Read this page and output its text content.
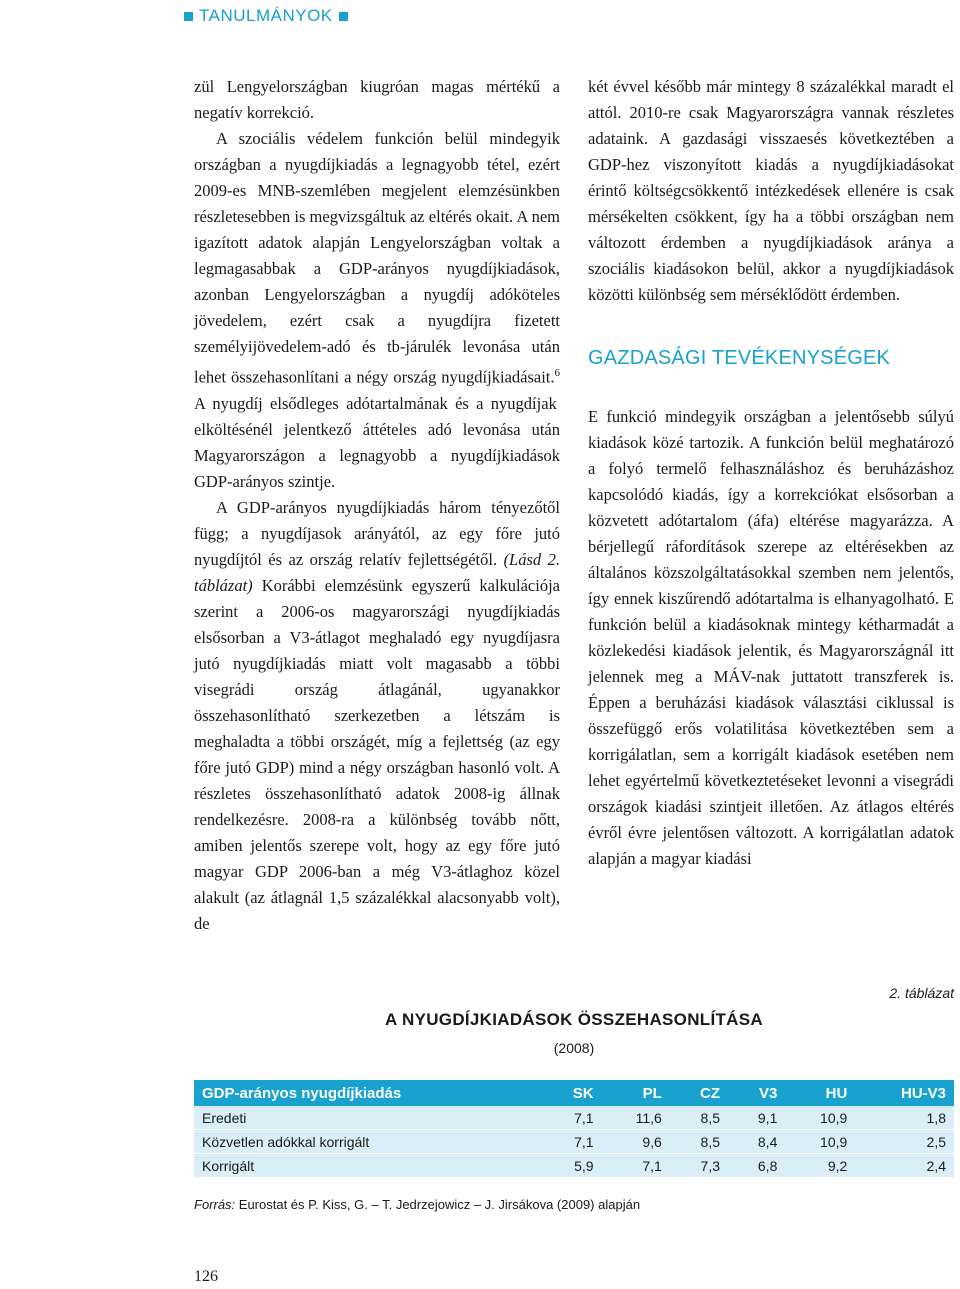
TANULMÁNYOK

zül Lengyelországban kiugróan magas mértékű a negatív korrekció.

A szociális védelem funkción belül mindegyik országban a nyugdíjkiadás a legnagyobb tétel, ezért 2009-es MNB-szemlében megjelent elemzésünkben részletesebben is megvizsgáltuk az eltérés okait. A nem igazított adatok alapján Lengyelországban voltak a legmagasabbak a GDP-arányos nyugdíjkiadások, azonban Lengyelországban a nyugdíj adóköteles jövedelem, ezért csak a nyugdíjra fizetett személyijövedelem-adó és tb-járulék levonása után lehet összehasonlítani a négy ország nyugdíjkiadásait.$^6$ A nyugdíj elsődleges adótartalmának és a nyugdíjak elköltésénél jelentkező áttételes adó levonása után Magyarországon a legnagyobb a nyugdíjkiadások GDP-arányos szintje.

A GDP-arányos nyugdíjkiadás három tényezőtől függ; a nyugdíjasok arányától, az egy főre jutó nyugdíjtól és az ország relatív fejlettségétől. (Lásd 2. táblázat) Korábbi elemzésünk egyszerű kalkulációja szerint a 2006-os magyarországi nyugdíjkiadás elsősorban a V3-átlagot meghaladó egy nyugdíjasra jutó nyugdíjkiadás miatt volt magasabb a többi visegrádi ország átlagánál, ugyanakkor összehasonlítható szerkezetben a létszám is meghaladta a többi országét, míg a fejlettség (az egy főre jutó GDP) mind a négy országban hasonló volt. A részletes összehasonlítható adatok 2008-ig állnak rendelkezésre. 2008-ra a különbség tovább nőtt, amiben jelentős szerepe volt, hogy az egy főre jutó magyar GDP 2006-ban a még V3-átlaghoz közel alakult (az átlagnál 1,5 százalékkal alacsonyabb volt), de

két évvel később már mintegy 8 százalékkal maradt el attól. 2010-re csak Magyarországra vannak részletes adataink. A gazdasági visszaesés következtében a GDP-hez viszonyított kiadás a nyugdíjkiadásokat érintő költségcsökkentő intézkedések ellenére is csak mérsékelten csökkent, így ha a többi országban nem változott érdemben a nyugdíjkiadások aránya a szociális kiadásokon belül, akkor a nyugdíjkiadások közötti különbség sem mérséklődött érdemben.

GAZDASÁGI TEVÉKENYSÉGEK

E funkció mindegyik országban a jelentősebb súlyú kiadások közé tartozik. A funkción belül meghatározó a folyó termelő felhasználáshoz és beruházáshoz kapcsolódó kiadás, így a korrekciókat elsősorban a közvetett adótartalom (áfa) eltérése magyarázza. A bérjellegű ráfordítások szerepe az eltérésekben az általános közszolgáltatásokkal szemben nem jelentős, így ennek kiszűrendő adótartalma is elhanyagolható. E funkción belül a kiadásoknak mintegy kétharmadát a közlekedési kiadások jelentik, és Magyarországnál itt jelennek meg a MÁV-nak juttatott transzferek is. Éppen a beruházási kiadások választási ciklussal is összefüggő erős volatilitása következtében sem a korrigálatlan, sem a korrigált kiadások esetében nem lehet egyértelmű következtetéseket levonni a visegrádi országok kiadási szintjeit illetően. Az átlagos eltérés évről évre jelentősen változott. A korrigálatlan adatok alapján a magyar kiadási

2. táblázat
A NYUGDÍJKIADÁSOK ÖSSZEHASONLÍTÁSA
(2008)
GDP-arányos nyugdíjkiadás	SK	PL	CZ	V3	HU	HU-V3
Eredeti	7,1	11,6	8,5	9,1	10,9	1,8
Közvetlen adókkal korrigált	7,1	9,6	8,5	8,4	10,9	2,5
Korrigált	5,9	7,1	7,3	6,8	9,2	2,4
Forrás: Eurostat és P. Kiss, G. – T. Jedrzejowicz – J. Jirsákova (2009) alapján
126
